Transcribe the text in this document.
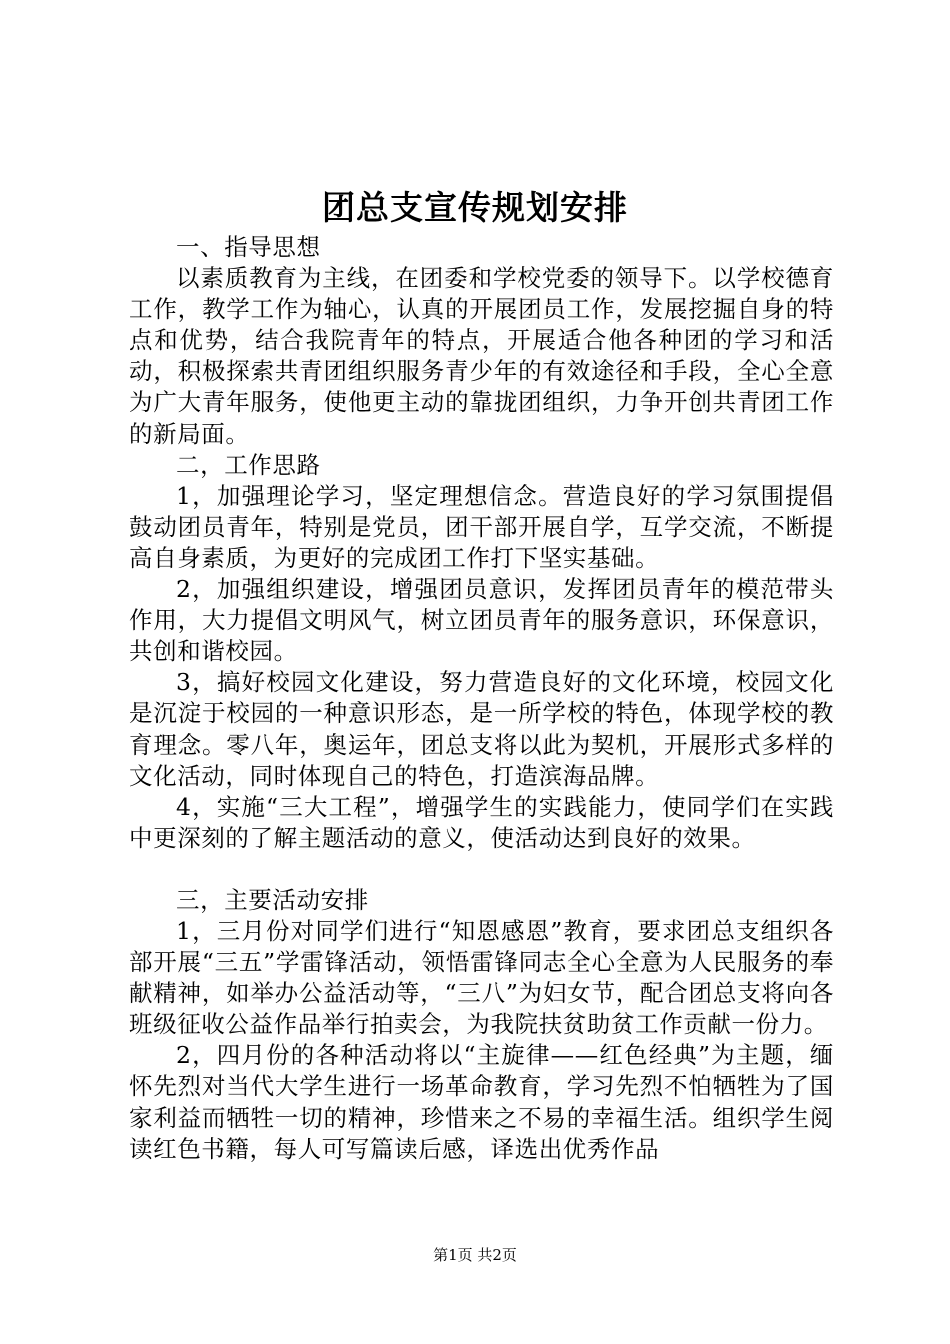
团总支宣传规划安排

一、指导思想

以素质教育为主线，在团委和学校党委的领导下。以学校德育工作，教学工作为轴心，认真的开展团员工作，发展挖掘自身的特点和优势，结合我院青年的特点，开展适合他各种团的学习和活动，积极探索共青团组织服务青少年的有效途径和手段，全心全意为广大青年服务，使他更主动的靠拢团组织，力争开创共青团工作的新局面。

二，工作思路

1，加强理论学习，坚定理想信念。营造良好的学习氛围提倡鼓动团员青年，特别是党员，团干部开展自学，互学交流，不断提高自身素质，为更好的完成团工作打下坚实基础。

2，加强组织建设，增强团员意识，发挥团员青年的模范带头作用，大力提倡文明风气，树立团员青年的服务意识，环保意识，共创和谐校园。

3，搞好校园文化建设，努力营造良好的文化环境，校园文化是沉淀于校园的一种意识形态，是一所学校的特色，体现学校的教育理念。零八年，奥运年，团总支将以此为契机，开展形式多样的文化活动，同时体现自己的特色，打造滨海品牌。

4，实施“三大工程”，增强学生的实践能力，使同学们在实践中更深刻的了解主题活动的意义，使活动达到良好的效果。

三，主要活动安排

1，三月份对同学们进行“知恩感恩”教育，要求团总支组织各部开展“三五”学雷锋活动，领悟雷锋同志全心全意为人民服务的奉献精神，如举办公益活动等，“三八”为妇女节，配合团总支将向各班级征收公益作品举行拍卖会，为我院扶贫助贫工作贡献一份力。

2，四月份的各种活动将以“主旋律——红色经典”为主题，缅怀先烈对当代大学生进行一场革命教育，学习先烈不怕牺牲为了国家利益而牺牲一切的精神，珍惜来之不易的幸福生活。组织学生阅读红色书籍，每人可写篇读后感，译选出优秀作品

第1页 共2页
